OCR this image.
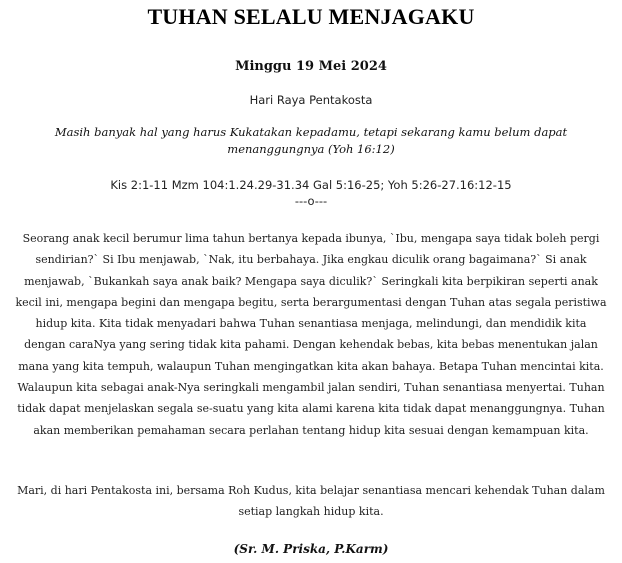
TUHAN SELALU MENJAGAKU
Minggu 19 Mei 2024
Hari Raya Pentakosta
Masih banyak hal yang harus Kukatakan kepadamu, tetapi sekarang kamu belum dapat menanggungnya (Yoh 16:12)
Kis 2:1-11 Mzm 104:1.24.29-31.34 Gal 5:16-25; Yoh 5:26-27.16:12-15
---o---

Seorang anak kecil berumur lima tahun bertanya kepada ibunya, `Ibu, mengapa saya tidak boleh pergi sendirian?` Si Ibu menjawab, `Nak, itu berbahaya. Jika engkau diculik orang bagaimana?` Si anak menjawab, `Bukankah saya anak baik? Mengapa saya diculik?` Seringkali kita berpikiran seperti anak kecil ini, mengapa begini dan mengapa begitu, serta berargumentasi dengan Tuhan atas segala peristiwa hidup kita. Kita tidak menyadari bahwa Tuhan senantiasa menjaga, melindungi, dan mendidik kita dengan caraNya yang sering tidak kita pahami. Dengan kehendak bebas, kita bebas menentukan jalan mana yang kita tempuh, walaupun Tuhan mengingatkan kita akan bahaya. Betapa Tuhan mencintai kita. Walaupun kita sebagai anak-Nya seringkali mengambil jalan sendiri, Tuhan senantiasa menyertai. Tuhan tidak dapat menjelaskan segala se-suatu yang kita alami karena kita tidak dapat menanggungnya. Tuhan akan memberikan pemahaman secara perlahan tentang hidup kita sesuai dengan kemampuan kita.

Mari, di hari Pentakosta ini, bersama Roh Kudus, kita belajar senantiasa mencari kehendak Tuhan dalam setiap langkah hidup kita.

(Sr. M. Priska, P.Karm)
